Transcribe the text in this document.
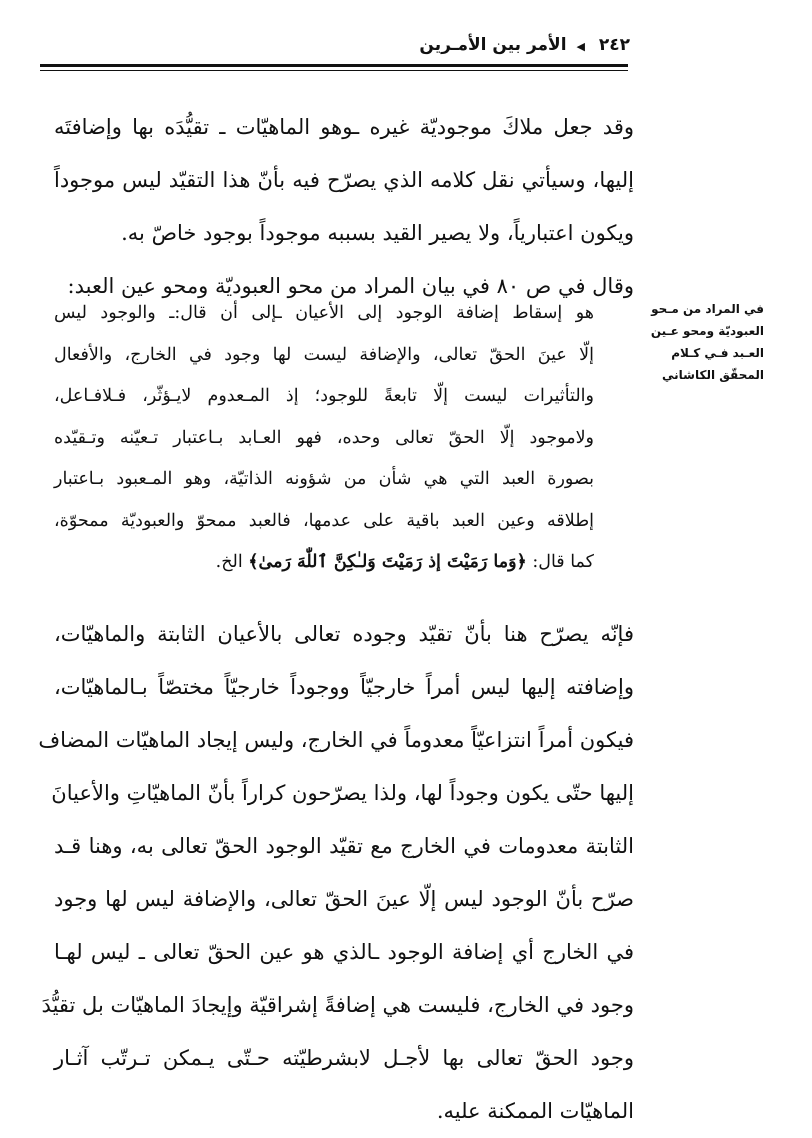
٢٤٢ ◀ الأمر بين الأمـرين
وقد جعل ملاكَ موجوديّة غيره ـوهو الماهيّات ـ تقيُّدَه بها وإضافتَه
إليها، وسيأتي نقل كلامه الذي يصرّح فيه بأنّ هذا التقيّد ليس موجوداً
ويكون اعتبارياً، ولا يصير القيد بسببه موجوداً بوجود خاصّ به.
وقال في ص ٨٠ في بيان المراد من محو العبوديّة ومحو عين العبد:
هو إسقاط إضافة الوجود إلى الأعيان ـإلى أن قال:ـ والوجود ليس
إلّا عينَ الحقّ تعالى، والإضافة ليست لها وجود في الخارج، والأفعال
والتأثيرات ليست إلّا تابعةً للوجود؛ إذ المـعدوم لايـؤثّر، فـلافـاعل،
ولاموجود إلّا الحقّ تعالى وحده، فهو العـابد بـاعتبار تـعيّنه وتـقيّده
بصورة العبد التي هي شأن من شؤونه الذاتيّة، وهو المـعبود بـاعتبار
إطلاقه وعين العبد باقية على عدمها، فالعبد ممحوّ والعبوديّة ممحوّة،
كما قال: ﴿وَما رَمَيْتَ إذ رَمَيْتَ وَلـٰكِنَّ ٱللّٰهَ رَمىٰ﴾ الخ.
فإنّه يصرّح هنا بأنّ تقيّد وجوده تعالى بالأعيان الثابتة والماهيّات،
وإضافته إليها ليس أمراً خارجيّاً ووجوداً خارجيّاً مختصّاً بـالماهيّات،
فيكون أمراً انتزاعيّاً معدوماً في الخارج، وليس إيجاد الماهيّات المضاف
إليها حتّى يكون وجوداً لها، ولذا يصرّحون كراراً بأنّ الماهيّاتِ والأعيانَ
الثابتة معدومات في الخارج مع تقيّد الوجود الحقّ تعالى به، وهنا قـد
صرّح بأنّ الوجود ليس إلّا عينَ الحقّ تعالى، والإضافة ليس لها وجود
في الخارج أي إضافة الوجود ـالذي هو عين الحقّ تعالى ـ ليس لهـا
وجود في الخارج، فليست هي إضافةً إشراقيّة وإيجادَ الماهيّات بل تقيُّدَ
وجود الحقّ تعالى بها لأجـل لابشرطيّته حـتّى يـمكن تـرتّب آثـار
الماهيّات الممكنة عليه.
في المراد من مـحو
العبوديّة ومحو عـين
العـبد فـي كـلام
المحقّق الكاشاني
